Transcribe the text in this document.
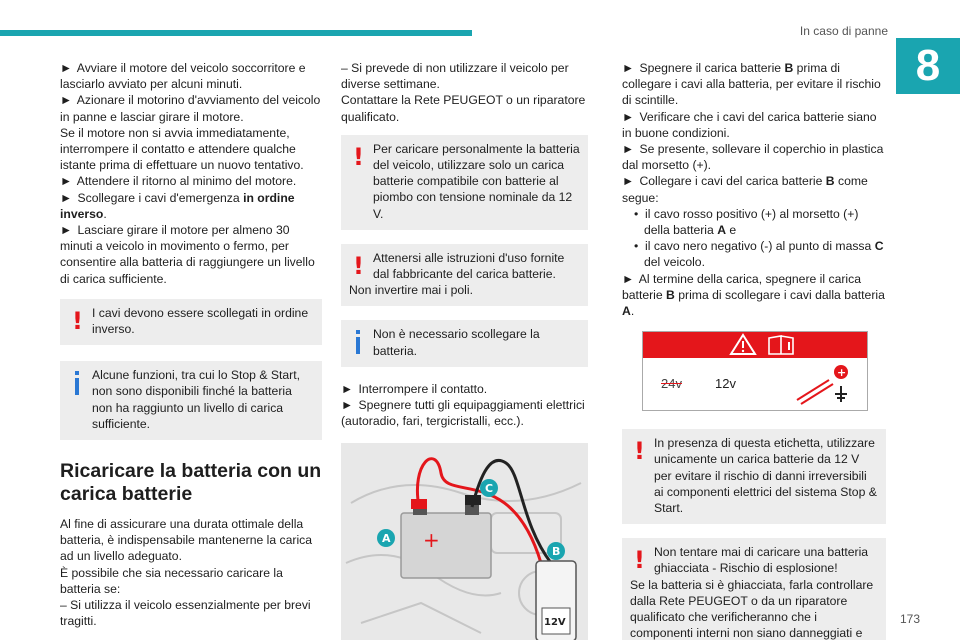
In caso di panne
8

► Avviare il motore del veicolo soccorritore e lasciarlo avviato per alcuni minuti.

► Azionare il motorino d'avviamento del veicolo in panne e lasciar girare il motore.

Se il motore non si avvia immediatamente, interrompere il contatto e attendere qualche istante prima di effettuare un nuovo tentativo.

► Attendere il ritorno al minimo del motore.

► Scollegare i cavi d'emergenza in ordine inverso.

► Lasciare girare il motore per almeno 30 minuti a veicolo in movimento o fermo, per consentire alla batteria di raggiungere un livello di carica sufficiente.

! I cavi devono essere scollegati in ordine inverso.

Alcune funzioni, tra cui lo Stop & Start, non sono disponibili finché la batteria non ha raggiunto un livello di carica sufficiente.

Ricaricare la batteria con un carica batterie

Al fine di assicurare una durata ottimale della batteria, è indispensabile mantenerne la carica ad un livello adeguato.

È possibile che sia necessario caricare la batteria se:

– Si utilizza il veicolo essenzialmente per brevi tragitti.

– Si prevede di non utilizzare il veicolo per diverse settimane.

Contattare la Rete PEUGEOT o un riparatore qualificato.

! Per caricare personalmente la batteria del veicolo, utilizzare solo un carica batterie compatibile con batterie al piombo con tensione nominale da 12 V.

! Attenersi alle istruzioni d'uso fornite dal fabbricante del carica batterie.

Non invertire mai i poli.

Non è necessario scollegare la batteria.

► Interrompere il contatto.

► Spegnere tutti gli equipaggiamenti elettrici (autoradio, fari, tergicristalli, ecc.).

+
12V
A
B
C

► Spegnere il carica batterie B prima di collegare i cavi alla batteria, per evitare il rischio di scintille.

► Verificare che i cavi del carica batterie siano in buone condizioni.

► Se presente, sollevare il coperchio in plastica dal morsetto (+).

► Collegare i cavi del carica batterie B come segue:

•  il cavo rosso positivo (+) al morsetto (+) della batteria A e

•  il cavo nero negativo (-) al punto di massa C del veicolo.

► Al termine della carica, spegnere il carica batterie B prima di scollegare i cavi dalla batteria A.

24v	12v
+
! In presenza di questa etichetta, utilizzare unicamente un carica batterie da 12 V per evitare il rischio di danni irreversibili ai componenti elettrici del sistema Stop & Start.

! Non tentare mai di caricare una batteria ghiacciata - Rischio di esplosione!

Se la batteria si è ghiacciata, farla controllare dalla Rete PEUGEOT o da un riparatore qualificato che verificheranno che i componenti interni non siano danneggiati e

173
